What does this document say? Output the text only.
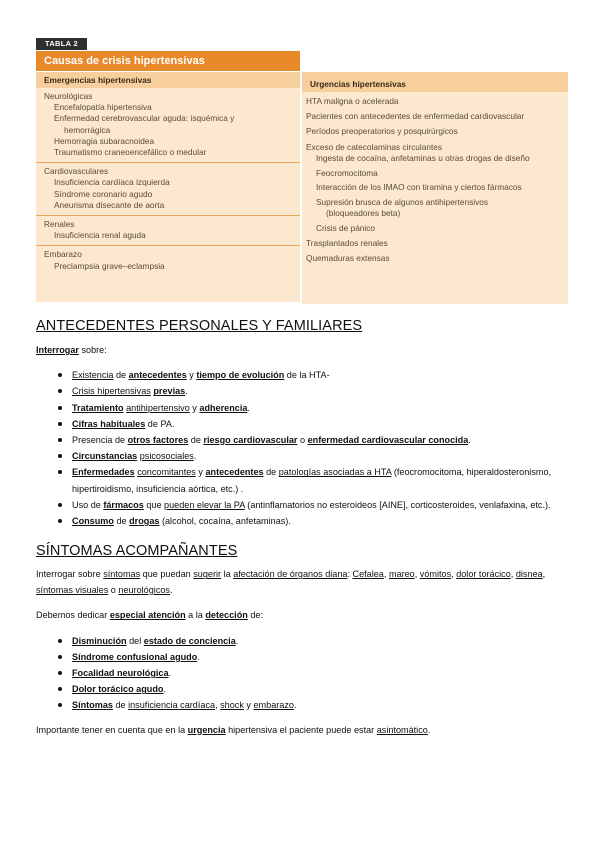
TABLA 2
Causas de crisis hipertensivas
Emergencias hipertensivas
Neurológicas
Encefalopatía hipertensiva
Enfermedad cerebrovascular aguda: isquémica y
hemorrágica
Hemorragia subaracnoidea
Traumatismo craneoencefálico o medular
Cardiovasculares
Insuficiencia cardíaca izquierda
Síndrome coronario agudo
Aneurisma disecante de aorta
Renales
Insuficiencia renal aguda
Embarazo
Preclampsia grave–eclampsia
Urgencias hipertensivas
HTA maligna o acelerada
Pacientes con antecedentes de enfermedad cardiovascular
Períodos preoperatorios y posquirúrgicos
Exceso de catecolaminas circulantes
Ingesta de cocaína, anfetaminas u otras drogas de diseño
Feocromocitoma
Interacción de los IMAO con tiramina y ciertos fármacos
Supresión brusca de algunos antihipertensivos
(bloqueadores beta)
Crisis de pánico
Trasplantados renales
Quemaduras extensas
ANTECEDENTES PERSONALES Y FAMILIARES

Interrogar sobre:

Existencia de antecedentes y tiempo de evolución de la HTA-
Crisis hipertensivas previas.
Tratamiento antihipertensivo y adherencia.
Cifras habituales de PA.
Presencia de otros factores de riesgo cardiovascular o enfermedad cardiovascular conocida.
Circunstancias psicosociales.
Enfermedades concomitantes y antecedentes de patologías asociadas a HTA (feocromocitoma, hiperaldosteronismo, hipertiroidismo, insuficiencia aórtica, etc.) .
Uso de fármacos que pueden elevar la PA (antinflamatorios no esteroideos [AINE], corticosteroides, venlafaxina, etc.).
Consumo de drogas (alcohol, cocaína, anfetaminas).
SÍNTOMAS ACOMPAÑANTES

Interrogar sobre síntomas que puedan sugerir la afectación de órganos diana: Cefalea, mareo, vómitos, dolor torácico, disnea, síntomas visuales o neurológicos.

Debemos dedicar especial atención a la detección de:

Disminución del estado de conciencia.
Síndrome confusional agudo.
Focalidad neurológica.
Dolor torácico agudo.
Síntomas de insuficiencia cardíaca, shock y embarazo.

Importante tener en cuenta que en la urgencia hipertensiva el paciente puede estar asintomático.
